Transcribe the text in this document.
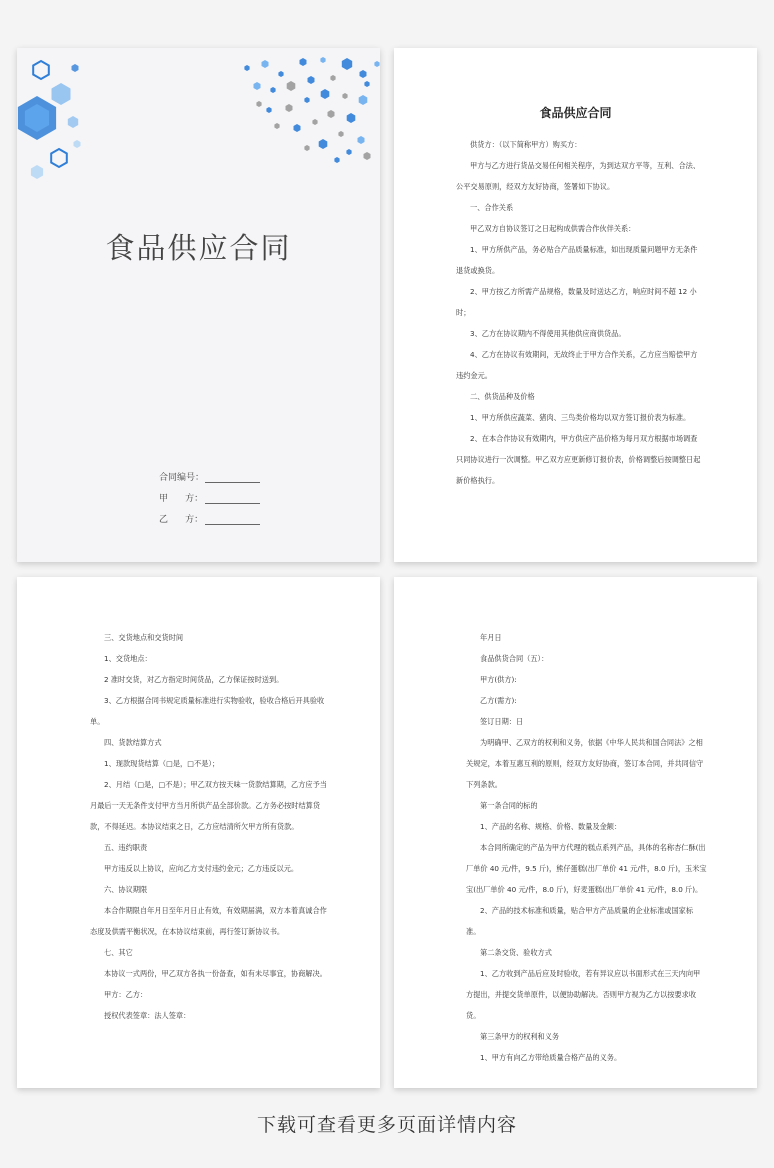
食品供应合同
合同编号：
甲      方：
乙      方：
食品供应合同

供货方：（以下简称甲方）购买方：

甲方与乙方进行货品交易任何相关程序，为到达双方平等，互利、合法、公平交易原则，经双方友好协商，签署如下协议。

一、合作关系

甲乙双方自协议签订之日起构成供需合作伙伴关系：

1、甲方所供产品，务必贴合产品质量标准，如出现质量问题甲方无条件退货或换货。

2、甲方按乙方所需产品规格，数量及时送达乙方，响应时间不超 12 小时；

3、乙方在协议期内不得使用其他供应商供货品。

4、乙方在协议有效期间，无故终止于甲方合作关系，乙方应当赔偿甲方违约金元。

二、供货品种及价格

1、甲方所供应蔬菜、猪肉、三鸟类价格均以双方签订报价表为标准。

2、在本合作协议有效期内，甲方供应产品价格为每月双方根据市场调查只同协议进行一次调整。甲乙双方应更新修订报价表，价格调整后按调整日起新价格执行。

三、交货地点和交货时间

1、交货地点：

2 准时交货，对乙方指定时间货品，乙方保证按时送到。

3、乙方根据合同书规定质量标准进行实物验收，验收合格后开具验收单。

四、货款结算方式

1、现款现货结算（□是，□不是）；

2、月结（□是，□不是）；甲乙双方按天味一货款结算期，乙方应予当月最后一天无条件支付甲方当月所供产品全部价款。乙方务必按时结算货款，不得延迟。本协议结束之日，乙方应结清所欠甲方所有货款。

五、违约职责

甲方违反以上协议，应向乙方支付违约金元；乙方违反以元。

六、协议期限

本合作期限自年月日至年月日止有效，有效期届满，双方本着真诚合作态度及供需平衡状况，在本协议结束前，再行签订新协议书。

七、其它

本协议一式两份，甲乙双方各执一份备查，如有未尽事宜，协商解决。

甲方：乙方：

授权代表签章：法人签章：

年月日

食品供货合同（五）：

甲方(供方):

乙方(需方):

签订日期：日

为明确甲、乙双方的权利和义务，依据《中华人民共和国合同法》之相关规定，本着互惠互利的原则，经双方友好协商，签订本合同，并共同信守下列条款。

第一条合同的标的

1、产品的名称、规格、价格、数量及金额：

本合同所确定的产品为甲方代理的糕点系列产品，具体的名称杏仁酥(出厂单价 40 元/件，9.5 斤)，熊仔蛋糕(出厂单价 41 元/件，8.0 斤)，玉米宝宝(出厂单价 40 元/件，8.0 斤)，好麦蛋糕(出厂单价 41 元/件，8.0 斤)。

2、产品的技术标准和质量，贴合甲方产品质量的企业标准或国家标准。

第二条交货、验收方式

1、乙方收到产品后应及时验收，若有异议应以书面形式在三天内向甲方提出，并提交货单原件，以便协助解决。否则甲方视为乙方以按要求收货。

第三条甲方的权利和义务

1、甲方有向乙方带给质量合格产品的义务。

下载可查看更多页面详情内容
